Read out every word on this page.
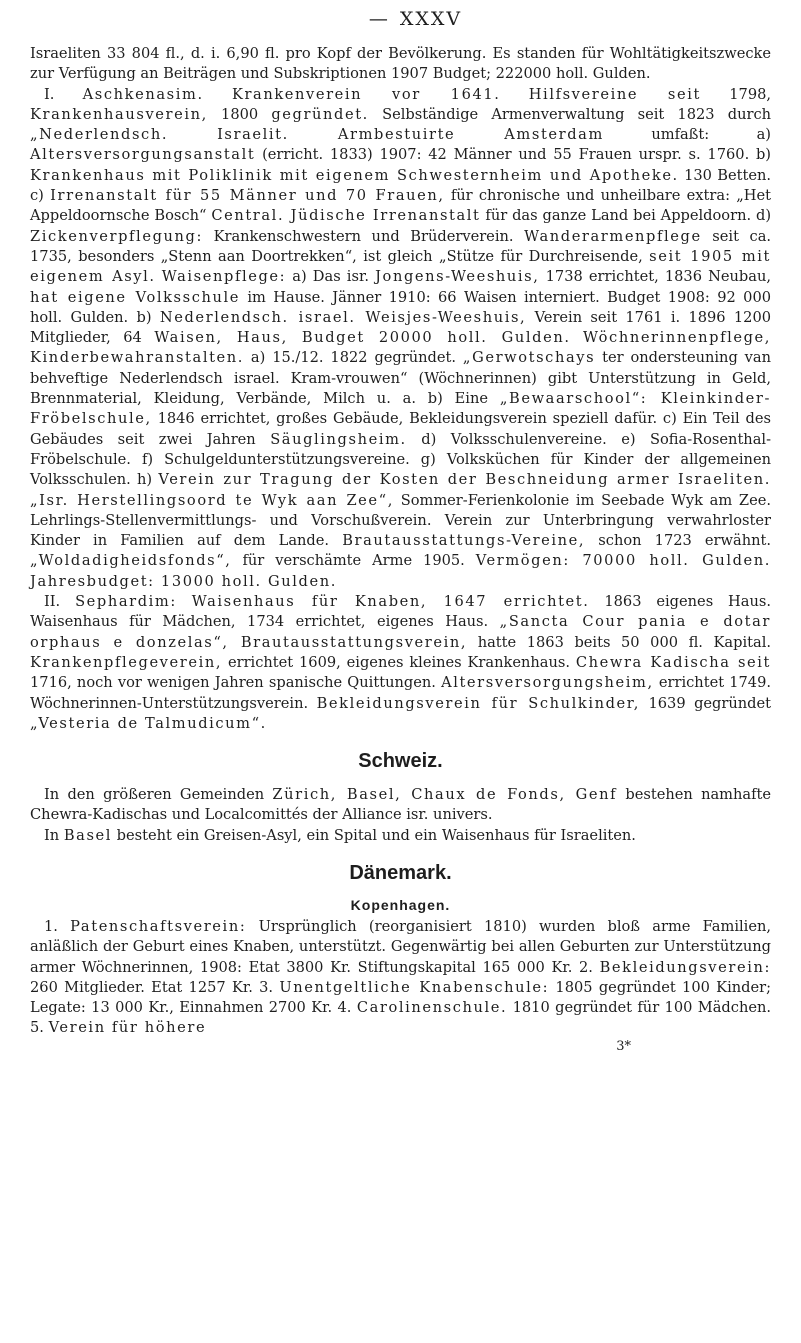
— XXXV

Israeliten 33 804 fl., d. i. 6,90 fl. pro Kopf der Bevölkerung. Es standen für Wohltätigkeitszwecke zur Verfügung an Beiträgen und Subskriptionen 1907 Budget; 222000 holl. Gulden.

I. Aschkenasim. Krankenverein vor 1641. Hilfsvereine seit 1798, Krankenhausverein, 1800 gegründet. Selbständige Armenverwaltung seit 1823 durch „Nederlendsch. Israelit. Armbestuirte Amsterdam	umfaßt: a) Altersversorgungsanstalt (erricht. 1833) 1907: 42 Männer und 55 Frauen urspr. s. 1760. b) Krankenhaus mit Poliklinik mit eigenem Schwesternheim und Apotheke. 130 Betten. c) Irrenanstalt für 55 Männer und 70 Frauen, für chronische und unheilbare extra: „Het Appeldoornsche Bosch“ Central. Jüdische Irrenanstalt für das ganze Land bei Appeldoorn. d) Zickenverpflegung: Krankenschwestern und Brüderverein. Wanderarmenpflege seit ca. 1735, besonders „Stenn aan Doortrekken“, ist gleich „Stütze für Durchreisende, seit 1905 mit eigenem Asyl. Waisenpflege: a) Das isr. Jongens-Weeshuis, 1738 errichtet, 1836 Neubau, hat eigene Volksschule im Hause. Jänner 1910: 66 Waisen interniert. Budget 1908: 92 000 holl. Gulden. b) Nederlendsch. israel. Weisjes-Weeshuis, Verein seit 1761 i. 1896 1200 Mitglieder, 64 Waisen, Haus, Budget 20000 holl. Gulden. Wöchnerinnenpflege, Kinderbewahranstalten. a) 15./12. 1822 gegründet. „Gerwotschays ter ondersteuning van behveftige Nederlendsch israel. Kram-vrouwen“ (Wöchnerinnen) gibt Unterstützung in Geld, Brennmaterial, Kleidung, Verbände, Milch u. a. b) Eine „Bewaarschool“: Kleinkinder-Fröbelschule, 1846 errichtet, großes Gebäude, Bekleidungsverein speziell dafür. c) Ein Teil des Gebäudes seit zwei Jahren Säuglingsheim. d) Volksschulenvereine. e) Sofia-Rosenthal-Fröbelschule. f) Schulgeldunterstützungsvereine. g) Volksküchen für Kinder der allgemeinen Volksschulen. h) Verein zur Tragung der Kosten der Beschneidung armer Israeliten. „Isr. Herstellingsoord te Wyk aan Zee“, Sommer-Ferienkolonie im Seebade Wyk am Zee. Lehrlings-Stellenvermittlungs- und Vorschußverein. Verein zur Unterbringung verwahrloster Kinder in Familien auf dem Lande. Brautausstattungs-Vereine, schon 1723 erwähnt. „Woldadigheidsfonds“, für verschämte Arme 1905. Vermögen: 70000 holl. Gulden. Jahresbudget: 13000 holl. Gulden.

II. Sephardim: Waisenhaus für Knaben, 1647 errichtet. 1863 eigenes Haus. Waisenhaus für Mädchen, 1734 errichtet, eigenes Haus. „Sancta Cour pania e dotar orphaus e donzelas“, Brautausstattungsverein, hatte 1863 beits 50 000 fl. Kapital. Krankenpflegeverein, errichtet 1609, eigenes kleines Krankenhaus. Chewra Kadischa seit 1716, noch vor wenigen Jahren spanische Quittungen. Altersversorgungsheim, errichtet 1749. Wöchnerinnen-Unterstützungsverein. Bekleidungsverein für Schulkinder, 1639 gegründet „Vesteria de Talmudicum“.

Schweiz.

In den größeren Gemeinden Zürich, Basel, Chaux de Fonds, Genf bestehen namhafte Chewra-Kadischas und Localcomittés der Alliance isr. univers.

In Basel besteht ein Greisen-Asyl, ein Spital und ein Waisenhaus für Israeliten.

Dänemark.
Kopenhagen.

1. Patenschaftsverein: Ursprünglich (reorganisiert 1810) wurden bloß arme Familien, anläßlich der Geburt eines Knaben, unterstützt. Gegenwärtig bei allen Geburten zur Unterstützung armer Wöchnerinnen, 1908: Etat 3800 Kr. Stiftungskapital 165 000 Kr. 2. Bekleidungsverein: 260 Mitglieder. Etat 1257 Kr. 3. Unentgeltliche Knabenschule: 1805 gegründet 100 Kinder; Legate: 13 000 Kr., Einnahmen 2700 Kr. 4. Carolinenschule. 1810 gegründet für 100 Mädchen. 5. Verein für höhere

3*
